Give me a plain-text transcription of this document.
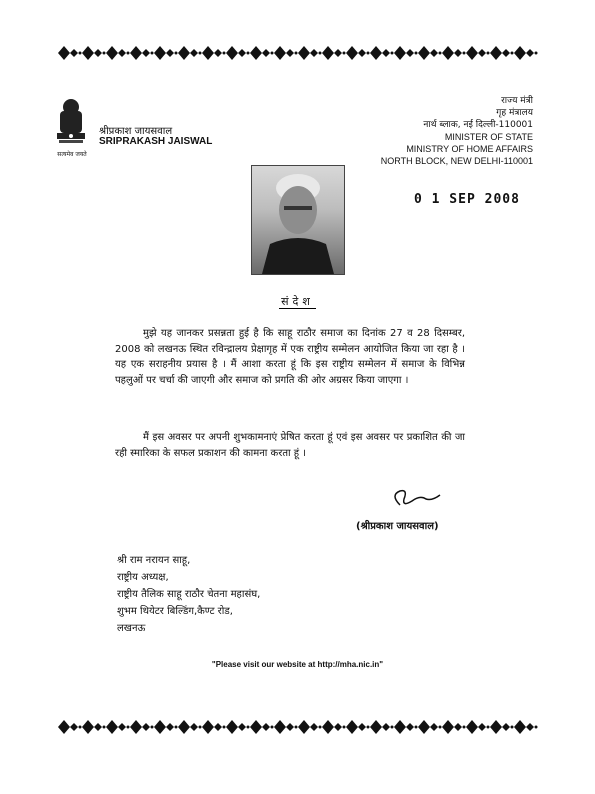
सत्यमेव जयते
श्रीप्रकाश जायसवाल
SRIPRAKASH JAISWAL
राज्य मंत्री
गृह मंत्रालय
नार्थ ब्लाक, नई दिल्ली-110001
MINISTER OF STATE
MINISTRY OF HOME AFFAIRS
NORTH BLOCK, NEW DELHI-110001
0 1 SEP 2008
संदेश
मुझे यह जानकर प्रसन्नता हुई है कि साहू राठौर समाज का दिनांक 27 व 28 दिसम्बर, 2008 को लखनऊ स्थित रविन्द्रालय प्रेक्षागृह में एक राष्ट्रीय सम्मेलन आयोजित किया जा रहा है । यह एक सराहनीय प्रयास है । मैं आशा करता हूं कि इस राष्ट्रीय सम्मेलन में समाज के विभिन्न पहलुओं पर चर्चा की जाएगी और समाज को प्रगति की ओर अग्रसर किया जाएगा ।
मैं इस अवसर पर अपनी शुभकामनाएं प्रेषित करता हूं एवं इस अवसर पर प्रकाशित की जा रही स्मारिका के सफल प्रकाशन की कामना करता हूं ।
(श्रीप्रकाश जायसवाल)
श्री राम नरायन साहू,
राष्ट्रीय अध्यक्ष,
राष्ट्रीय तैलिक साहू राठौर चेतना महासंघ,
शुभम थियेटर बिल्डिंग,कैण्ट रोड,
लखनऊ
"Please visit our website at http://mha.nic.in"
